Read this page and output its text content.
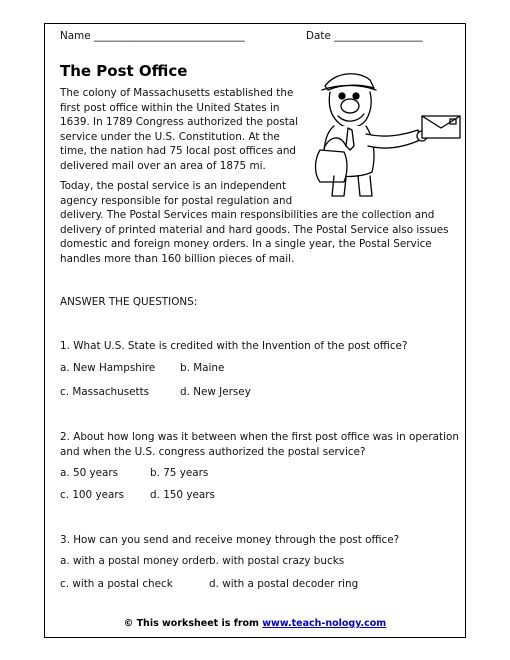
Name _____________________________	Date _________________
The Post Office
The colony of Massachusetts established the
first post office within the United States in
1639. In 1789 Congress authorized the postal
service under the U.S. Constitution. At the
time, the nation had 75 local post offices and
delivered mail over an area of 1875 mi.
Today, the postal service is an independent
agency responsible for postal regulation and
delivery. The Postal Services main responsibilities are the collection and
delivery of printed material and hard goods. The Postal Service also issues
domestic and foreign money orders. In a single year, the Postal Service
handles more than 160 billion pieces of mail.
ANSWER THE QUESTIONS:
1. What U.S. State is credited with the Invention of the post office?
a. New Hampshire b. Maine
c. Massachusetts	d. New Jersey
2. About how long was it between when the first post office was in operation
and when the U.S. congress authorized the postal service?
a. 50 years	b. 75 years
c. 100 years d. 150 years
3. How can you send and receive money through the post office?
a. with a postal money order b. with postal crazy bucks
c. with a postal check	d. with a postal decoder ring
© This worksheet is from www.teach-nology.com
